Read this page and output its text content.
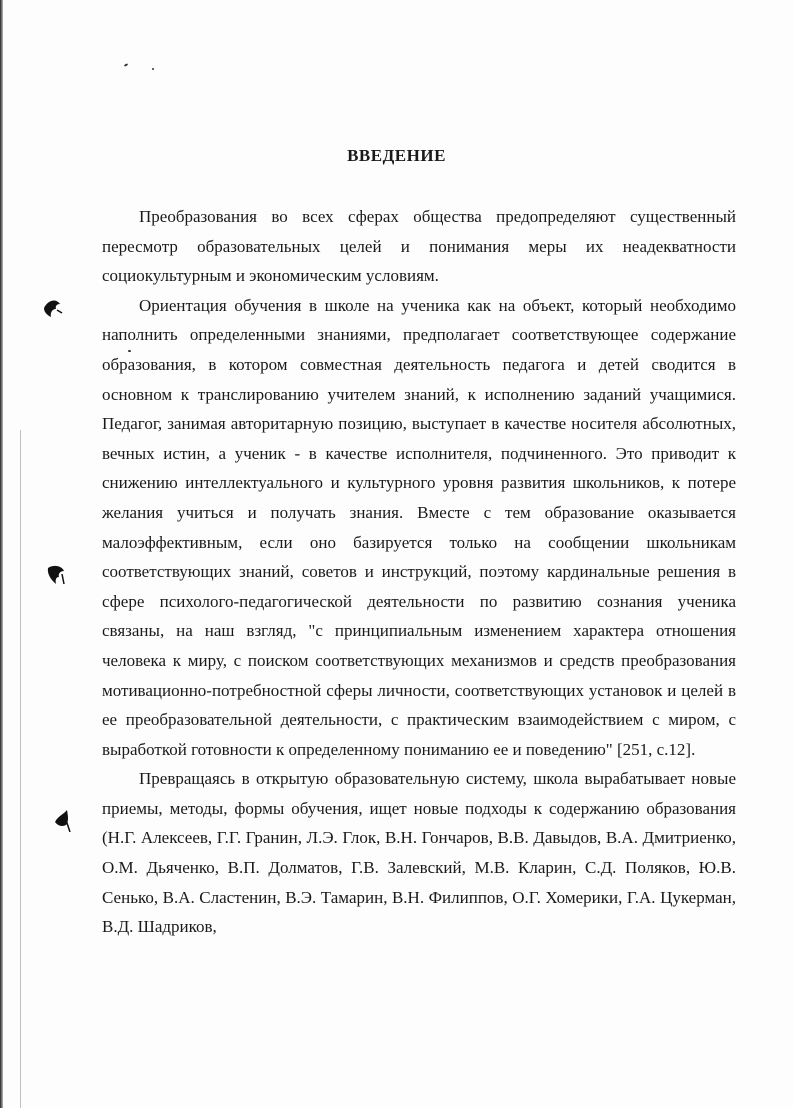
ВВЕДЕНИЕ

Преобразования во всех сферах общества предопределяют существенный пересмотр образовательных целей и понимания меры их неадекватности социокультурным и экономическим условиям.

Ориентация обучения в школе на ученика как на объект, который необходимо наполнить определенными знаниями, предполагает соответствующее содержание образования, в котором совместная деятельность педагога и детей сводится в основном к транслированию учителем знаний, к исполнению заданий учащимися. Педагог, занимая авторитарную позицию, выступает в качестве носителя абсолютных, вечных истин, а ученик - в качестве исполнителя, подчиненного. Это приводит к снижению интеллектуального и культурного уровня развития школьников, к потере желания учиться и получать знания. Вместе с тем образование оказывается малоэффективным, если оно базируется только на сообщении школьникам соответствующих знаний, советов и инструкций, поэтому кардинальные решения в сфере психолого-педагогической деятельности по развитию сознания ученика связаны, на наш взгляд, "с принципиальным изменением характера отношения человека к миру, с поиском соответствующих механизмов и средств преобразования мотивационно-потребностной сферы личности, соответствующих установок и целей в ее преобразовательной деятельности, с практическим взаимодействием с миром, с выработкой готовности к определенному пониманию ее и поведению" [251, с.12].

Превращаясь в открытую образовательную систему, школа вырабатывает новые приемы, методы, формы обучения, ищет новые подходы к содержанию образования (Н.Г. Алексеев, Г.Г. Гранин, Л.Э. Глок, В.Н. Гончаров, В.В. Давыдов, В.А. Дмитриенко, О.М. Дьяченко, В.П. Долматов, Г.В. Залевский, М.В. Кларин, С.Д. Поляков, Ю.В. Сенько, В.А. Сластенин, В.Э. Тамарин, В.Н. Филиппов, О.Г. Хомерики, Г.А. Цукерман, В.Д. Шадриков,
